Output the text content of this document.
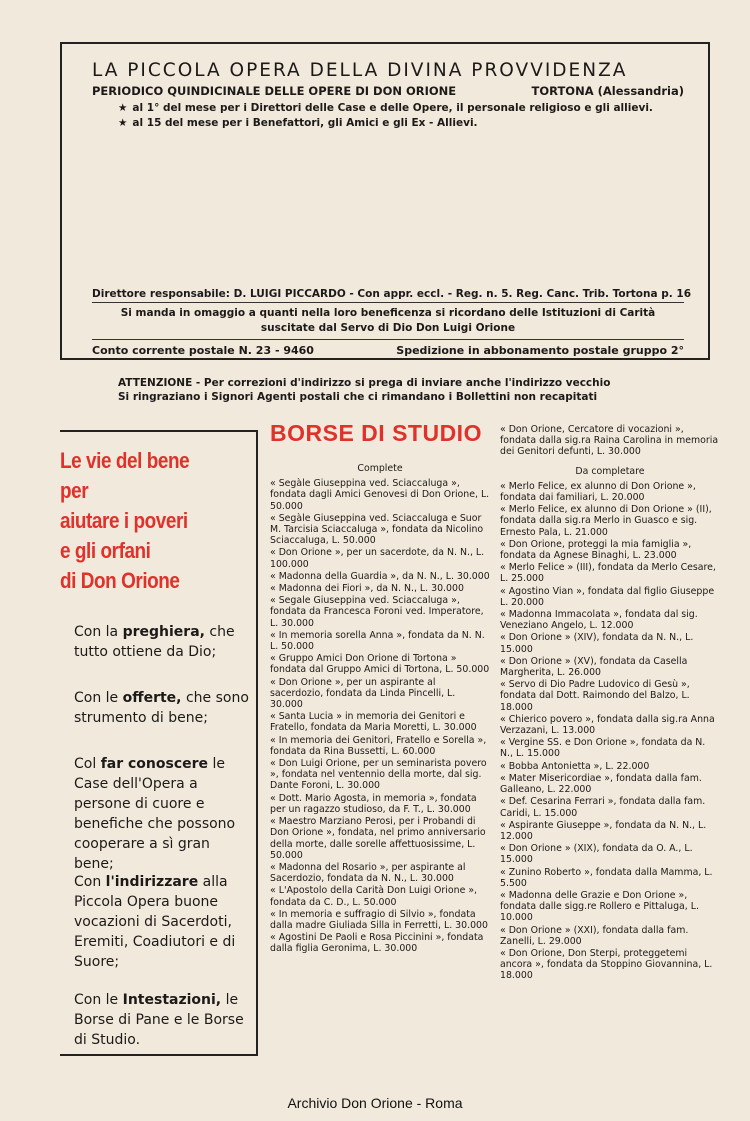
LA PICCOLA OPERA DELLA DIVINA PROVVIDENZA
PERIODICO QUINDICINALE DELLE OPERE DI DON ORIONE	TORTONA (Alessandria)
★ al 1° del mese per i Direttori delle Case e delle Opere, il personale religioso e gli allievi.
★ al 15 del mese per i Benefattori, gli Amici e gli Ex - Allievi.
Direttore responsabile: D. LUIGI PICCARDO - Con appr. eccl. - Reg. n. 5. Reg. Canc. Trib. Tortona p. 16
Si manda in omaggio a quanti nella loro beneficenza si ricordano delle Istituzioni di Carità
suscitate dal Servo di Dio Don Luigi Orione
Conto corrente postale N. 23 - 9460	Spedizione in abbonamento postale gruppo 2°
ATTENZIONE - Per correzioni d'indirizzo si prega di inviare anche l'indirizzo vecchio
Si ringraziano i Signori Agenti postali che ci rimandano i Bollettini non recapitati
Le vie del bene
per
aiutare i poveri
e gli orfani
di Don Orione
Con la preghiera, che tutto ottiene da Dio;
Con le offerte, che sono strumento di bene;
Col far conoscere le Case dell'Opera a persone di cuore e benefiche che possono cooperare a sì gran bene;
Con l'indirizzare alla Piccola Opera buone vocazioni di Sacerdoti, Eremiti, Coadiutori e di Suore;
Con le Intestazioni, le Borse di Pane e le Borse di Studio.
BORSE DI STUDIO
Complete
« Segàle Giuseppina ved. Sciaccaluga », fondata dagli Amici Genovesi di Don Orione, L. 50.000
« Segàle Giuseppina ved. Sciaccaluga e Suor M. Tarcisia Sciaccaluga », fondata da Nicolino Sciaccaluga, L. 50.000
« Don Orione », per un sacerdote, da N. N., L. 100.000
« Madonna della Guardia », da N. N., L. 30.000
« Madonna dei Fiori », da N. N., L. 30.000
« Segale Giuseppina ved. Sciaccaluga », fondata da Francesca Foroni ved. Imperatore, L. 30.000
« In memoria sorella Anna », fondata da N. N. L. 50.000
« Gruppo Amici Don Orione di Tortona » fondata dal Gruppo Amici di Tortona, L. 50.000
« Don Orione », per un aspirante al sacerdozio, fondata da Linda Pincelli, L. 30.000
« Santa Lucia » in memoria dei Genitori e Fratello, fondata da Maria Moretti, L. 30.000
« In memoria dei Genitori, Fratello e Sorella », fondata da Rina Bussetti, L. 60.000
« Don Luigi Orione, per un seminarista povero », fondata nel ventennio della morte, dal sig. Dante Foroni, L. 30.000
« Dott. Mario Agosta, in memoria », fondata per un ragazzo studioso, da F. T., L. 30.000
« Maestro Marziano Perosi, per i Probandi di Don Orione », fondata, nel primo anniversario della morte, dalle sorelle affettuosissime, L. 50.000
« Madonna del Rosario », per aspirante al Sacerdozio, fondata da N. N., L. 30.000
« L'Apostolo della Carità Don Luigi Orione », fondata da C. D., L. 50.000
« In memoria e suffragio di Silvio », fondata dalla madre Giuliada Silla in Ferretti, L. 30.000
« Agostini De Paoli e Rosa Piccinini », fondata dalla figlia Geronima, L. 30.000
« Don Orione, Cercatore di vocazioni », fondata dalla sig.ra Raina Carolina in memoria dei Genitori defunti, L. 30.000
Da completare
« Merlo Felice, ex alunno di Don Orione », fondata dai familiari, L. 20.000
« Merlo Felice, ex alunno di Don Orione » (II), fondata dalla sig.ra Merlo in Guasco e sig. Ernesto Pala, L. 21.000
« Don Orione, proteggi la mia famiglia », fondata da Agnese Binaghi, L. 23.000
« Merlo Felice » (III), fondata da Merlo Cesare, L. 25.000
« Agostino Vian », fondata dal figlio Giuseppe L. 20.000
« Madonna Immacolata », fondata dal sig. Veneziano Angelo, L. 12.000
« Don Orione » (XIV), fondata da N. N., L. 15.000
« Don Orione » (XV), fondata da Casella Margherita, L. 26.000
« Servo di Dio Padre Ludovico di Gesù », fondata dal Dott. Raimondo del Balzo, L. 18.000
« Chierico povero », fondata dalla sig.ra Anna Verzazani, L. 13.000
« Vergine SS. e Don Orione », fondata da N. N., L. 15.000
« Bobba Antonietta », L. 22.000
« Mater Misericordiae », fondata dalla fam. Galleano, L. 22.000
« Def. Cesarina Ferrari », fondata dalla fam. Caridi, L. 15.000
« Aspirante Giuseppe », fondata da N. N., L. 12.000
« Don Orione » (XIX), fondata da O. A., L. 15.000
« Zunino Roberto », fondata dalla Mamma, L. 5.500
« Madonna delle Grazie e Don Orione », fondata dalle sigg.re Rollero e Pittaluga, L. 10.000
« Don Orione » (XXI), fondata dalla fam. Zanelli, L. 29.000
« Don Orione, Don Sterpi, proteggetemi ancora », fondata da Stoppino Giovannina, L. 18.000
Archivio Don Orione - Roma
